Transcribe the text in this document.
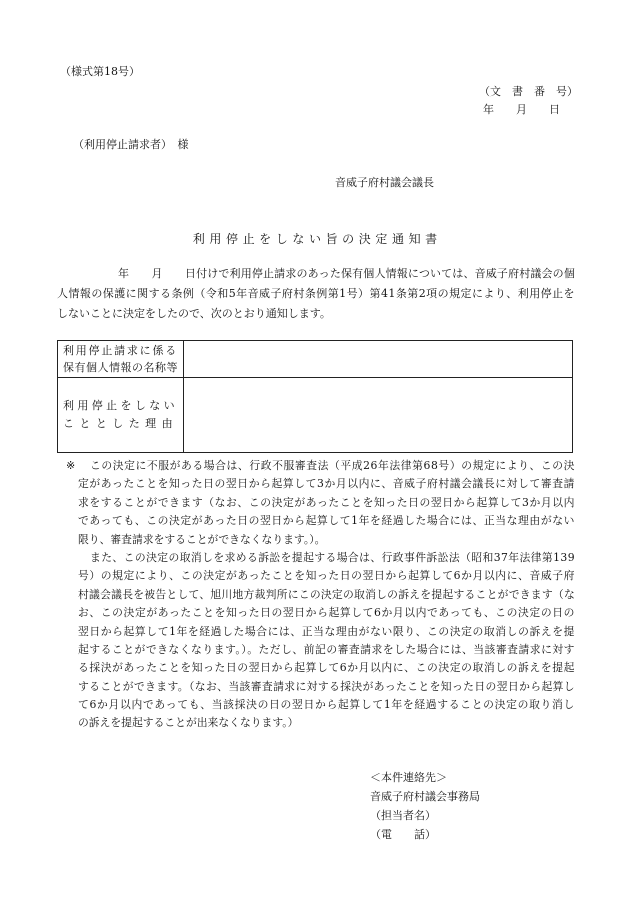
（様式第18号）
（文　書　番　号）
年　　月　　日
（利用停止請求者）　様
音威子府村議会議長
利用停止をしない旨の決定通知書
年　　月　　日付けで利用停止請求のあった保有個人情報については、音威子府村議会の個
人情報の保護に関する条例（令和5年音威子府村条例第1号）第41条第2項の規定により、利用停止を
しないことに決定をしたので、次のとおり通知します。
利用停止請求に係る
保有個人情報の名称等	

利用停止をしない
こととした理由	

※	この決定に不服がある場合は、行政不服審査法（平成26年法律第68号）の規定により、この決
定があったことを知った日の翌日から起算して3か月以内に、音威子府村議会議長に対して審査請
求をすることができます（なお、この決定があったことを知った日の翌日から起算して3か月以内
であっても、この決定があった日の翌日から起算して1年を経過した場合には、正当な理由がない
限り、審査請求をすることができなくなります。）。
また、この決定の取消しを求める訴訟を提起する場合は、行政事件訴訟法（昭和37年法律第139
号）の規定により、この決定があったことを知った日の翌日から起算して6か月以内に、音威子府
村議会議長を被告として、旭川地方裁判所にこの決定の取消しの訴えを提起することができます（な
お、この決定があったことを知った日の翌日から起算して6か月以内であっても、この決定の日の
翌日から起算して1年を経過した場合には、正当な理由がない限り、この決定の取消しの訴えを提
起することができなくなります。）。ただし、前記の審査請求をした場合には、当該審査請求に対す
る採決があったことを知った日の翌日から起算して6か月以内に、この決定の取消しの訴えを提起
することができます。（なお、当該審査請求に対する採決があったことを知った日の翌日から起算し
て6か月以内であっても、当該採決の日の翌日から起算して1年を経過することの決定の取り消し
の訴えを提起することが出来なくなります。）
＜本件連絡先＞
音威子府村議会事務局
（担当者名）
（電　　話）
